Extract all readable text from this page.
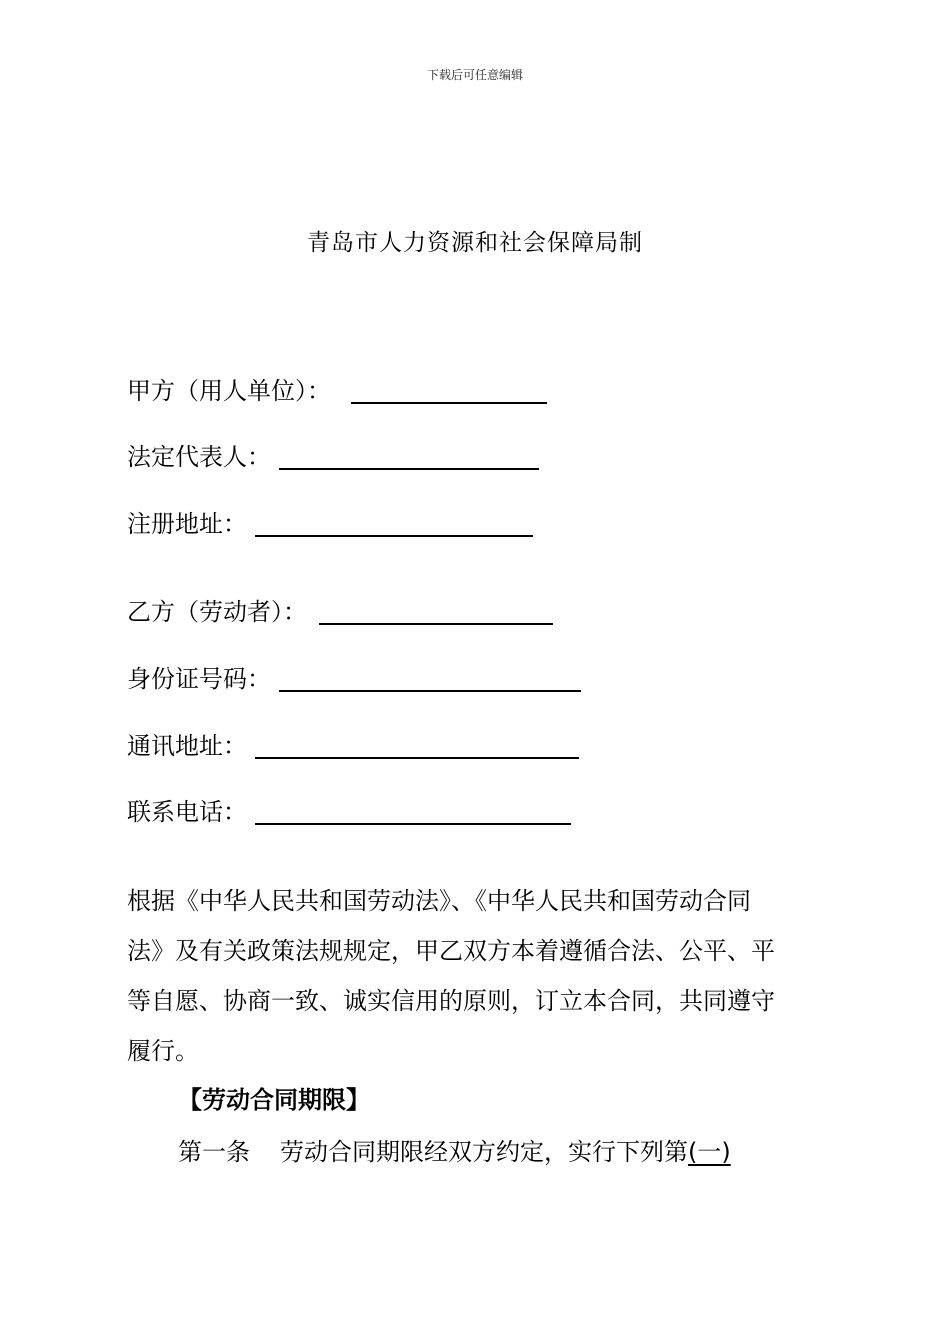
下载后可任意编辑
青岛市人力资源和社会保障局制
甲方（用人单位）：
法定代表人：
注册地址：
乙方（劳动者）：
身份证号码：
通讯地址：
联系电话：
根据《中华人民共和国劳动法》、《中华人民共和国劳动合同
法》及有关政策法规规定，甲乙双方本着遵循合法、公平、平
等自愿、协商一致、诚实信用的原则，订立本合同，共同遵守
履行。
【劳动合同期限】
第一条 劳动合同期限经双方约定，实行下列第(一)
